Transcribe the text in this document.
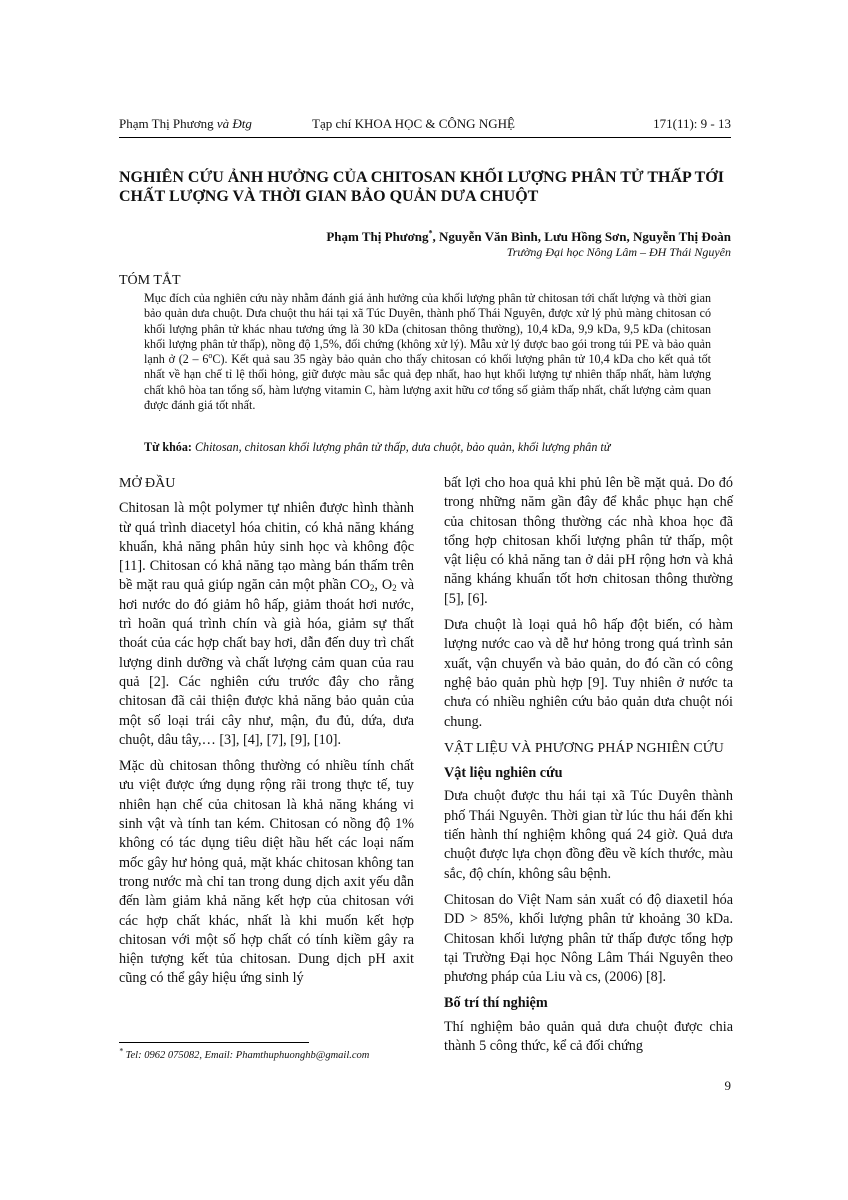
Phạm Thị Phương và Đtg	Tạp chí KHOA HỌC & CÔNG NGHỆ	171(11): 9 - 13
NGHIÊN CỨU ẢNH HƯỞNG CỦA CHITOSAN KHỐI LƯỢNG PHÂN TỬ THẤP TỚI CHẤT LƯỢNG VÀ THỜI GIAN BẢO QUẢN DƯA CHUỘT
Phạm Thị Phương*, Nguyễn Văn Bình, Lưu Hồng Sơn, Nguyễn Thị Đoàn
Trường Đại học Nông Lâm – ĐH Thái Nguyên
TÓM TẮT

Mục đích của nghiên cứu này nhằm đánh giá ảnh hưởng của khối lượng phân tử chitosan tới chất lượng và thời gian bảo quản dưa chuột. Dưa chuột thu hái tại xã Túc Duyên, thành phố Thái Nguyên, được xử lý phủ màng chitosan có khối lượng phân tử khác nhau tương ứng là 30 kDa (chitosan thông thường), 10,4 kDa, 9,9 kDa, 9,5 kDa (chitosan khối lượng phân tử thấp), nồng độ 1,5%, đối chứng (không xử lý). Mẫu xử lý được bao gói trong túi PE và bảo quản lạnh ở (2 – 6$^o$C). Kết quả sau 35 ngày bảo quản cho thấy chitosan có khối lượng phân tử 10,4 kDa cho kết quả tốt nhất về hạn chế tỉ lệ thối hỏng, giữ được màu sắc quả đẹp nhất, hao hụt khối lượng tự nhiên thấp nhất, hàm lượng chất khô hòa tan tổng số, hàm lượng vitamin C, hàm lượng axit hữu cơ tổng số giảm thấp nhất, chất lượng cảm quan được đánh giá tốt nhất.

Từ khóa: Chitosan, chitosan khối lượng phân tử thấp, dưa chuột, bảo quản, khối lượng phân tử
MỞ ĐẦU

Chitosan là một polymer tự nhiên được hình thành từ quá trình diacetyl hóa chitin, có khả năng kháng khuẩn, khả năng phân hủy sinh học và không độc [11]. Chitosan có khả năng tạo màng bán thấm trên bề mặt rau quả giúp ngăn cản một phần $CO_2$, $O_2$ và hơi nước do đó giảm hô hấp, giảm thoát hơi nước, trì hoãn quá trình chín và già hóa, giảm sự thất thoát của các hợp chất bay hơi, dẫn đến duy trì chất lượng dinh dưỡng và chất lượng cảm quan của rau quả [2]. Các nghiên cứu trước đây cho rằng chitosan đã cải thiện được khả năng bảo quản của một số loại trái cây như, mận, đu đủ, dứa, dưa chuột, dâu tây,… [3], [4], [7], [9], [10].

Mặc dù chitosan thông thường có nhiều tính chất ưu việt được ứng dụng rộng rãi trong thực tế, tuy nhiên hạn chế của chitosan là khả năng kháng vi sinh vật và tính tan kém. Chitosan có nồng độ 1% không có tác dụng tiêu diệt hầu hết các loại nấm mốc gây hư hỏng quả, mặt khác chitosan không tan trong nước mà chỉ tan trong dung dịch axit yếu dẫn đến làm giảm khả năng kết hợp của chitosan với các hợp chất khác, nhất là khi muốn kết hợp chitosan với một số hợp chất có tính kiềm gây ra hiện tượng kết tủa chitosan. Dung dịch pH axit cũng có thể gây hiệu ứng sinh lý

bất lợi cho hoa quả khi phủ lên bề mặt quả. Do đó trong những năm gần đây để khắc phục hạn chế của chitosan thông thường các nhà khoa học đã tổng hợp chitosan khối lượng phân tử thấp, một vật liệu có khả năng tan ở dải pH rộng hơn và khả năng kháng khuẩn tốt hơn chitosan thông thường [5], [6].

Dưa chuột là loại quả hô hấp đột biến, có hàm lượng nước cao và dễ hư hỏng trong quá trình sản xuất, vận chuyển và bảo quản, do đó cần có công nghệ bảo quản phù hợp [9]. Tuy nhiên ở nước ta chưa có nhiều nghiên cứu bảo quản dưa chuột nói chung.

VẬT LIỆU VÀ PHƯƠNG PHÁP NGHIÊN CỨU
Vật liệu nghiên cứu

Dưa chuột được thu hái tại xã Túc Duyên thành phố Thái Nguyên. Thời gian từ lúc thu hái đến khi tiến hành thí nghiệm không quá 24 giờ. Quả dưa chuột được lựa chọn đồng đều về kích thước, màu sắc, độ chín, không sâu bệnh.

Chitosan do Việt Nam sản xuất có độ diaxetil hóa DD > 85%, khối lượng phân tử khoảng 30 kDa. Chitosan khối lượng phân tử thấp được tổng hợp tại Trường Đại học Nông Lâm Thái Nguyên theo phương pháp của Liu và cs, (2006) [8].

Bố trí thí nghiệm

Thí nghiệm bảo quản quả dưa chuột được chia thành 5 công thức, kể cả đối chứng

* Tel: 0962 075082, Email: Phamthuphuonghb@gmail.com
9
